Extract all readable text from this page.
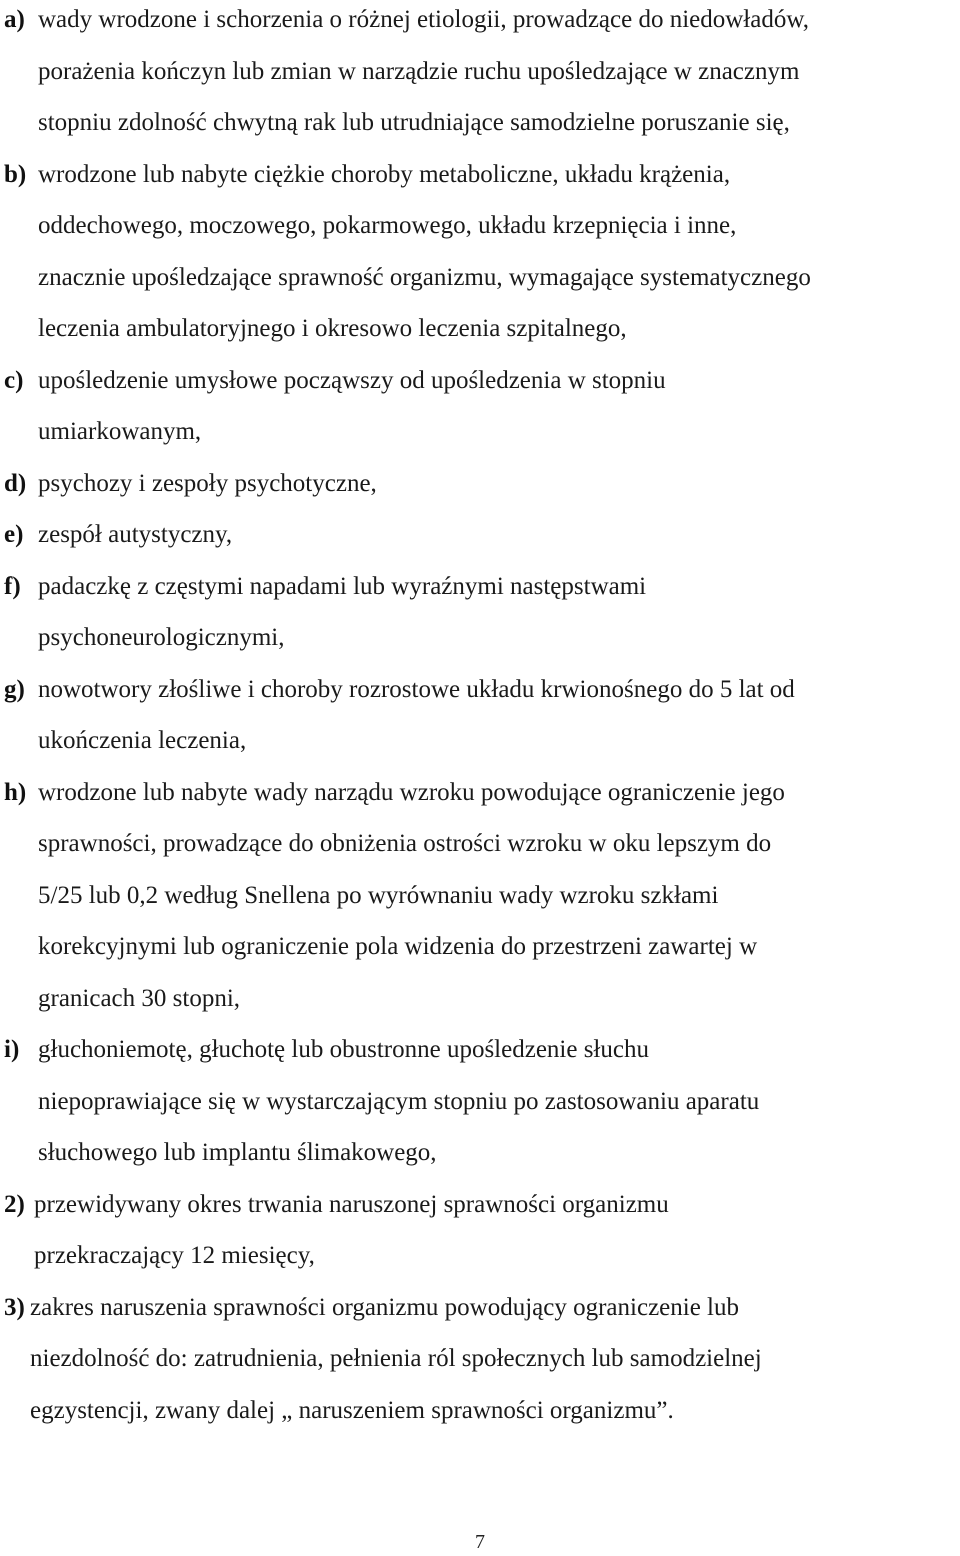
a) wady wrodzone i schorzenia o różnej etiologii, prowadzące do niedowładów,
porażenia kończyn lub zmian w narządzie ruchu upośledzające w znacznym
stopniu zdolność chwytną rak lub utrudniające samodzielne poruszanie się,
b) wrodzone lub nabyte ciężkie choroby metaboliczne, układu krążenia,
oddechowego, moczowego, pokarmowego, układu krzepnięcia i inne,
znacznie upośledzające sprawność organizmu, wymagające systematycznego
leczenia ambulatoryjnego i okresowo leczenia szpitalnego,
c) upośledzenie umysłowe począwszy od upośledzenia w stopniu
umiarkowanym,
d) psychozy i zespoły psychotyczne,
e) zespół autystyczny,
f) padaczkę z częstymi napadami lub wyraźnymi następstwami
psychoneurologicznymi,
g) nowotwory złośliwe i choroby rozrostowe układu krwionośnego do 5 lat od
ukończenia leczenia,
h) wrodzone lub nabyte wady narządu wzroku powodujące ograniczenie jego
sprawności, prowadzące do obniżenia ostrości wzroku w oku lepszym do
5/25 lub 0,2 według Snellena po wyrównaniu wady wzroku szkłami
korekcyjnymi lub ograniczenie pola widzenia do przestrzeni zawartej w
granicach 30 stopni,
i) głuchoniemotę, głuchotę lub obustronne upośledzenie słuchu
niepoprawiające się w wystarczającym stopniu po zastosowaniu aparatu
słuchowego lub implantu ślimakowego,
2) przewidywany okres trwania naruszonej sprawności organizmu
przekraczający 12 miesięcy,
3) zakres naruszenia sprawności organizmu powodujący ograniczenie lub
niezdolność do: zatrudnienia, pełnienia ról społecznych lub samodzielnej
egzystencji, zwany dalej „ naruszeniem sprawności organizmu”.
7
